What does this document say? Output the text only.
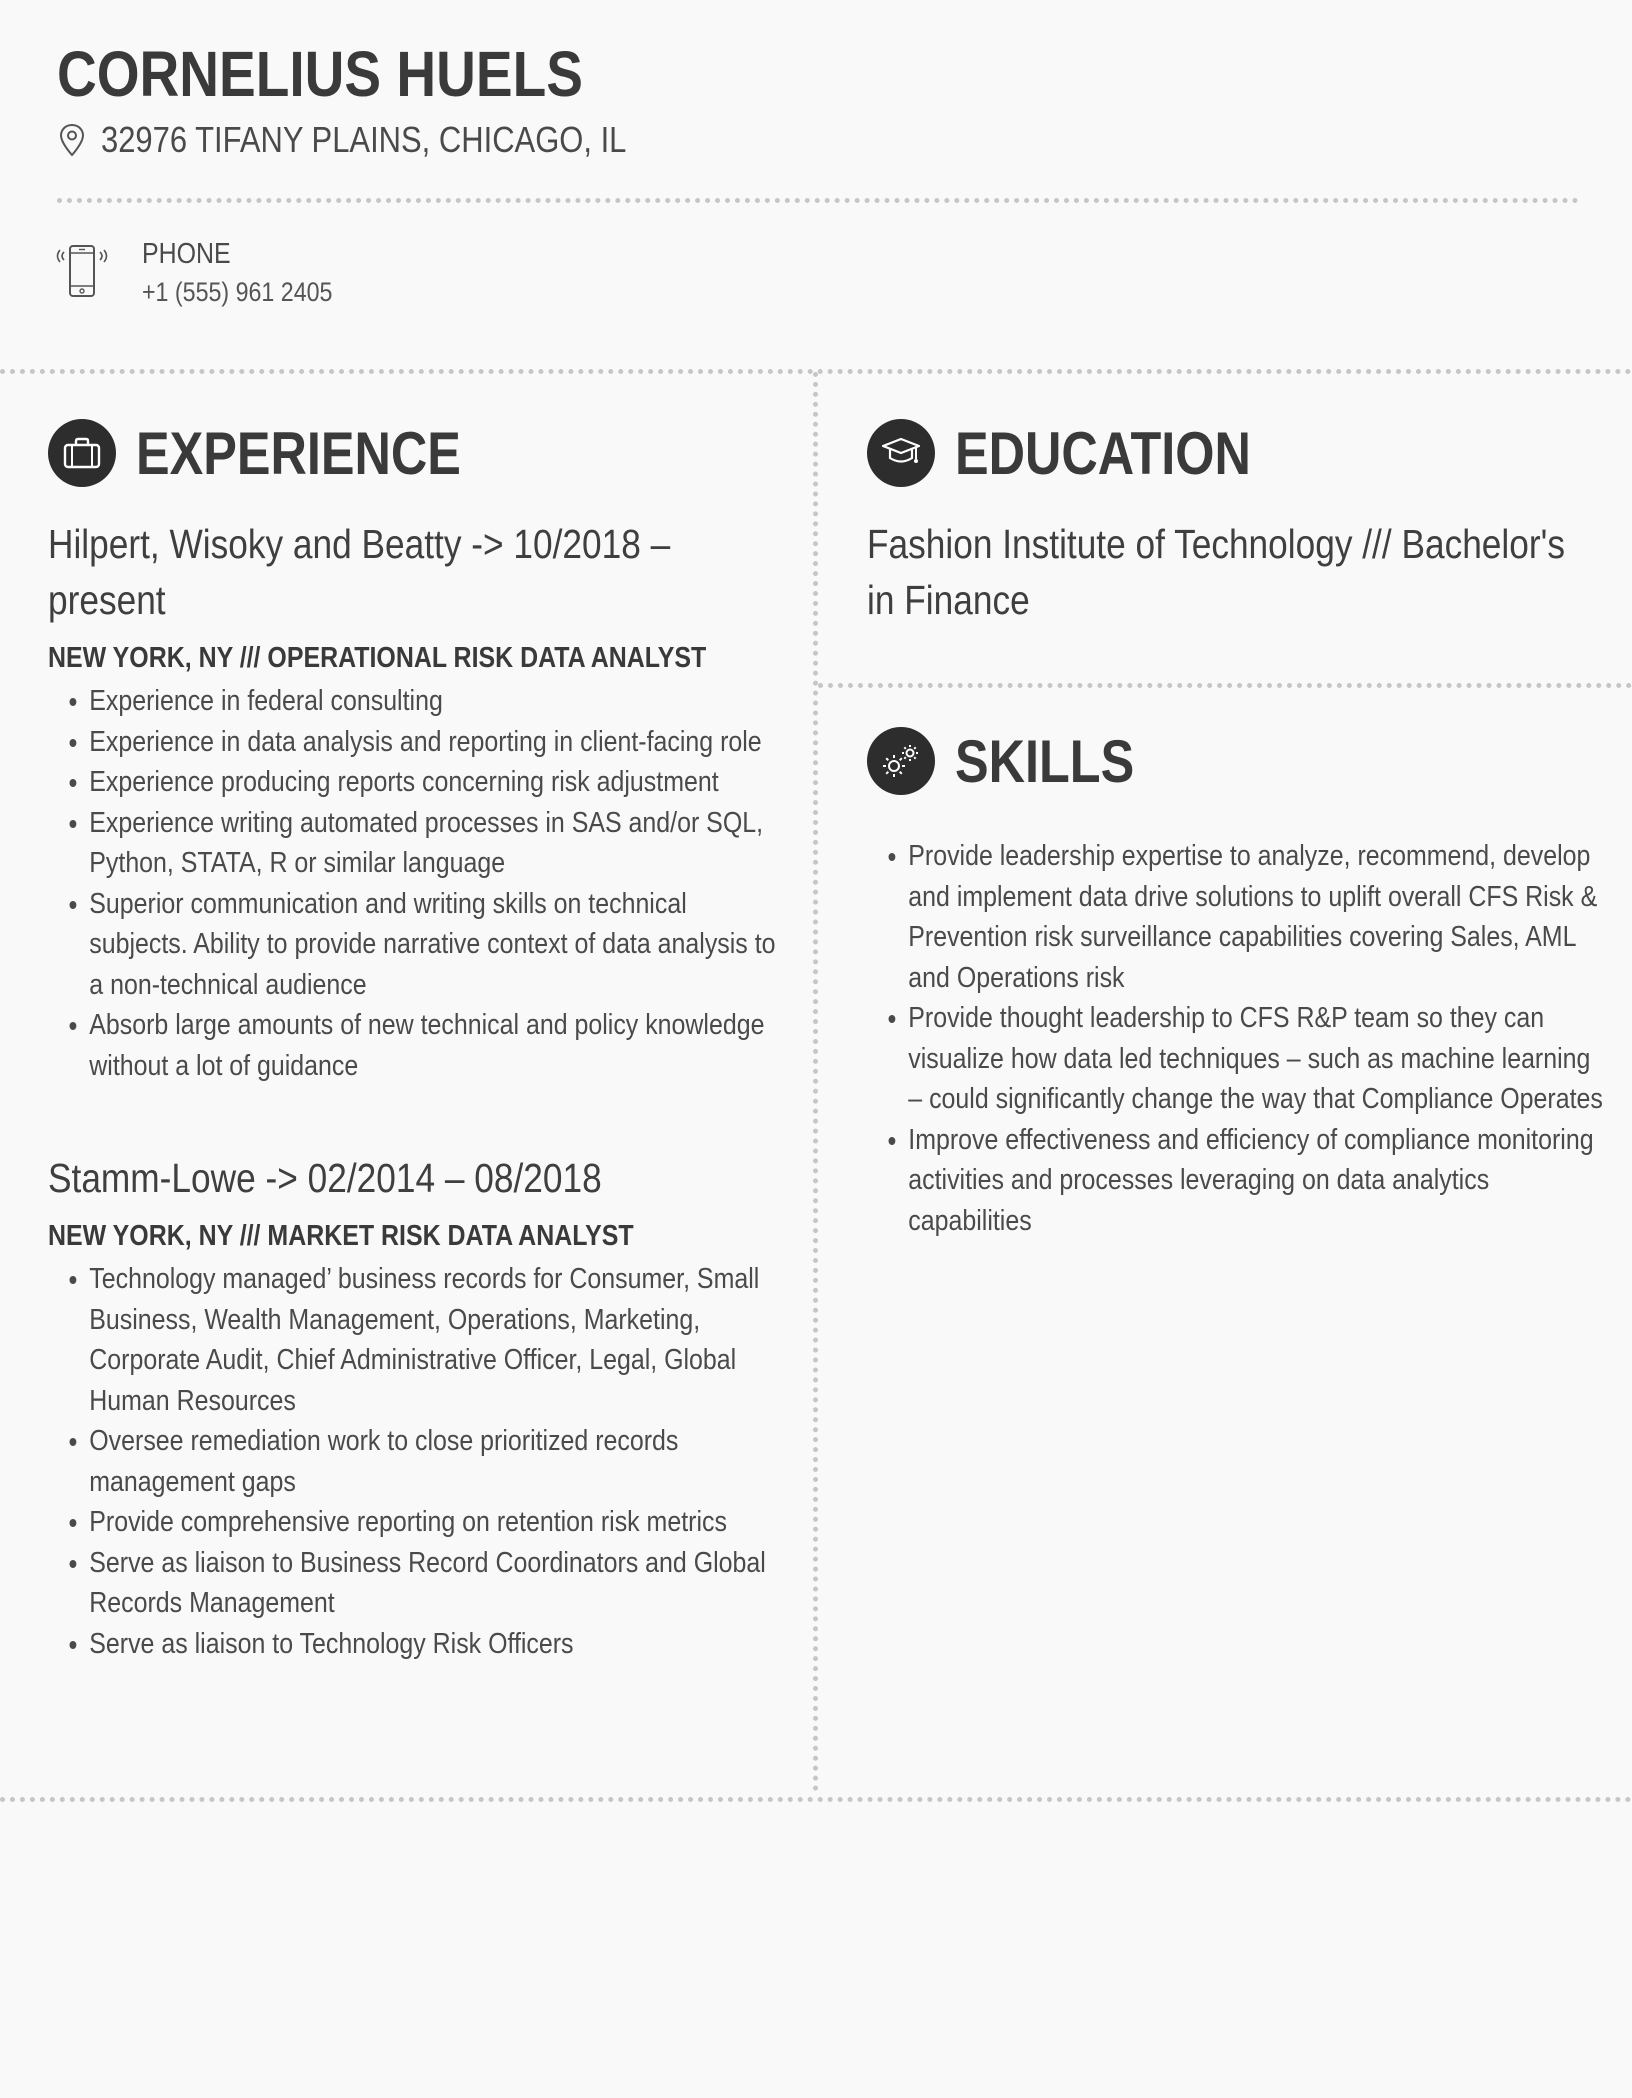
CORNELIUS HUELS
32976 TIFANY PLAINS, CHICAGO, IL
PHONE
+1 (555) 961 2405
EXPERIENCE
Hilpert, Wisoky and Beatty -> 10/2018 – present
NEW YORK, NY /// OPERATIONAL RISK DATA ANALYST
• Experience in federal consulting
• Experience in data analysis and reporting in client-facing role
• Experience producing reports concerning risk adjustment
• Experience writing automated processes in SAS and/or SQL, Python, STATA, R or similar language
• Superior communication and writing skills on technical subjects. Ability to provide narrative context of data analysis to a non-technical audience
• Absorb large amounts of new technical and policy knowledge without a lot of guidance
Stamm-Lowe -> 02/2014 – 08/2018
NEW YORK, NY /// MARKET RISK DATA ANALYST
• Technology managed’ business records for Consumer, Small Business, Wealth Management, Operations, Marketing, Corporate Audit, Chief Administrative Officer, Legal, Global Human Resources
• Oversee remediation work to close prioritized records management gaps
• Provide comprehensive reporting on retention risk metrics
• Serve as liaison to Business Record Coordinators and Global Records Management
• Serve as liaison to Technology Risk Officers
EDUCATION
Fashion Institute of Technology /// Bachelor's in Finance
SKILLS
• Provide leadership expertise to analyze, recommend, develop and implement data drive solutions to uplift overall CFS Risk & Prevention risk surveillance capabilities covering Sales, AML and Operations risk
• Provide thought leadership to CFS R&P team so they can visualize how data led techniques – such as machine learning – could significantly change the way that Compliance Operates
• Improve effectiveness and efficiency of compliance monitoring activities and processes leveraging on data analytics capabilities
